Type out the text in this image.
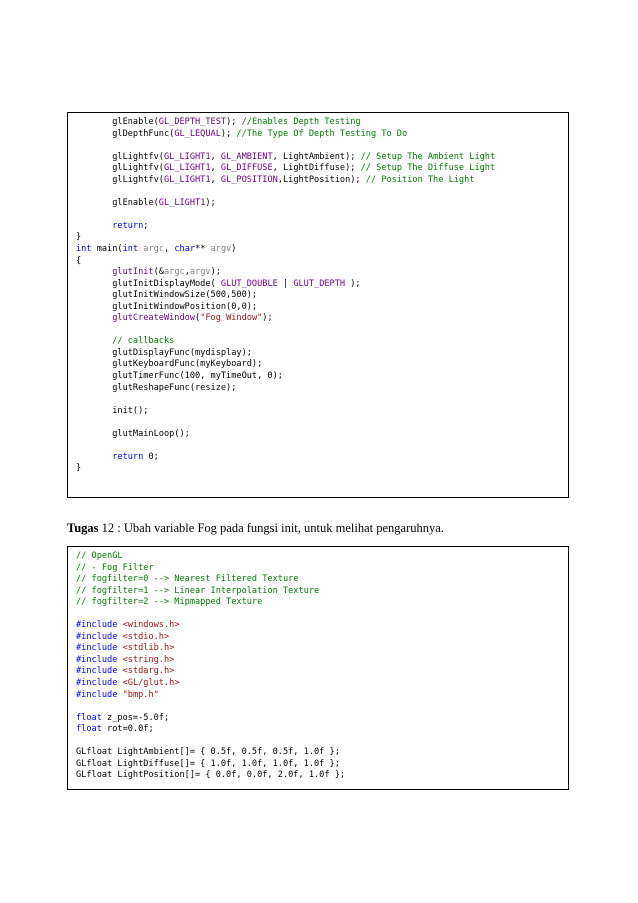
glEnable(GL_DEPTH_TEST); //Enables Depth Testing
glDepthFunc(GL_LEQUAL); //The Type Of Depth Testing To Do

glLightfv(GL_LIGHT1, GL_AMBIENT, LightAmbient); // Setup The Ambient Light
glLightfv(GL_LIGHT1, GL_DIFFUSE, LightDiffuse); // Setup The Diffuse Light
glLightfv(GL_LIGHT1, GL_POSITION,LightPosition); // Position The Light

glEnable(GL_LIGHT1);

return;
}
int main(int argc, char** argv)
{
glutInit(&argc,argv);
glutInitDisplayMode( GLUT_DOUBLE | GLUT_DEPTH );
glutInitWindowSize(500,500);
glutInitWindowPosition(0,0);
glutCreateWindow("Fog Window");

// callbacks
glutDisplayFunc(mydisplay);
glutKeyboardFunc(myKeyboard);
glutTimerFunc(100, myTimeOut, 0);
glutReshapeFunc(resize);

init();

glutMainLoop();

return 0;
}
Tugas 12 : Ubah variable Fog pada fungsi init, untuk melihat pengaruhnya.
// OpenGL
// - Fog Filter
// fogfilter=0 --> Nearest Filtered Texture
// fogfilter=1 --> Linear Interpolation Texture
// fogfilter=2 --> Mipmapped Texture

#include <windows.h>
#include <stdio.h>
#include <stdlib.h>
#include <string.h>
#include <stdarg.h>
#include <GL/glut.h>
#include "bmp.h"

float z_pos=-5.0f;
float rot=0.0f;

GLfloat LightAmbient[]= { 0.5f, 0.5f, 0.5f, 1.0f };
GLfloat LightDiffuse[]= { 1.0f, 1.0f, 1.0f, 1.0f };
GLfloat LightPosition[]= { 0.0f, 0.0f, 2.0f, 1.0f };
